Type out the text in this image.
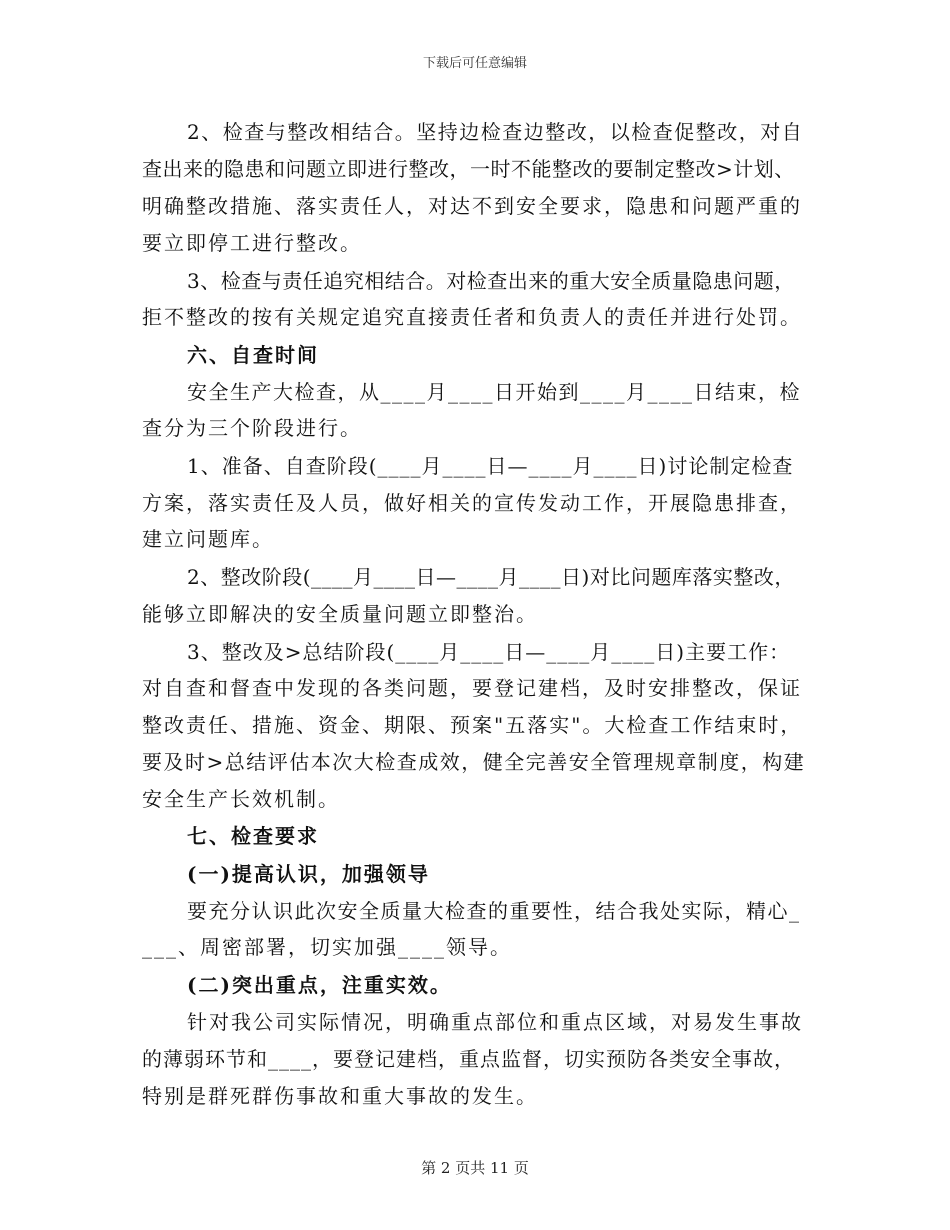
下载后可任意编辑
2、检查与整改相结合。坚持边检查边整改，以检查促整改，对自
查出来的隐患和问题立即进行整改，一时不能整改的要制定整改>计划、
明确整改措施、落实责任人，对达不到安全要求，隐患和问题严重的
要立即停工进行整改。
3、检查与责任追究相结合。对检查出来的重大安全质量隐患问题，
拒不整改的按有关规定追究直接责任者和负责人的责任并进行处罚。
六、自查时间
安全生产大检查，从____月____日开始到____月____日结束，检
查分为三个阶段进行。
1、准备、自查阶段(____月____日—____月____日)讨论制定检查
方案，落实责任及人员，做好相关的宣传发动工作，开展隐患排查，
建立问题库。
2、整改阶段(____月____日—____月____日)对比问题库落实整改，
能够立即解决的安全质量问题立即整治。
3、整改及>总结阶段(____月____日—____月____日)主要工作：
对自查和督查中发现的各类问题，要登记建档，及时安排整改，保证
整改责任、措施、资金、期限、预案"五落实"。大检查工作结束时，
要及时>总结评估本次大检查成效，健全完善安全管理规章制度，构建
安全生产长效机制。
七、检查要求
(一)提高认识，加强领导
要充分认识此次安全质量大检查的重要性，结合我处实际，精心_
___、周密部署，切实加强____领导。
(二)突出重点，注重实效。
针对我公司实际情况，明确重点部位和重点区域，对易发生事故
的薄弱环节和____，要登记建档，重点监督，切实预防各类安全事故，
特别是群死群伤事故和重大事故的发生。
第 2 页共 11 页
